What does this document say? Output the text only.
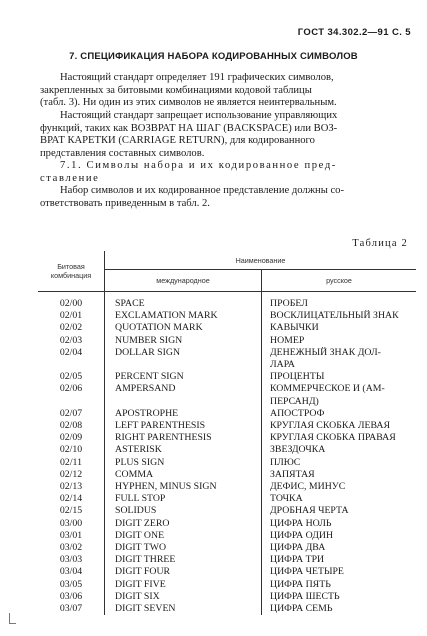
ГОСТ 34.302.2—91 С. 5
7. СПЕЦИФИКАЦИЯ НАБОРА КОДИРОВАННЫХ СИМВОЛОВ
Настоящий стандарт определяет 191 графических символов,
закрепленных за битовыми комбинациями кодовой таблицы
(табл. 3). Ни один из этих символов не является неинтервальным.
Настоящий стандарт запрещает использование управляющих
функций, таких как ВОЗВРАТ НА ШАГ (BACKSPACE) или ВОЗ-
ВРАТ КАРЕТКИ (CARRIAGE RETURN), для кодированного
представления составных символов.
7.1. Символы набора и их кодированное пред-
ставление
Набор символов и их кодированное представление должны со-
ответствовать приведенным в табл. 2.
Таблица 2
Битовая комбинация	Наименование	
	международное	русское
02/00	SPACE	ПРОБЕЛ
02/01	EXCLAMATION MARK	ВОСКЛИЦАТЕЛЬНЫЙ ЗНАК
02/02	QUOTATION MARK	КАВЫЧКИ
02/03	NUMBER SIGN	НОМЕР
02/04	DOLLAR SIGN	ДЕНЕЖНЫЙ ЗНАК ДОЛ-
		ЛАРА
02/05	PERCENT SIGN	ПРОЦЕНТЫ
02/06	AMPERSAND	КОММЕРЧЕСКОЕ И (АМ-
		ПЕРСАНД)
02/07	APOSTROPHE	АПОСТРОФ
02/08	LEFT PARENTHESIS	КРУГЛАЯ СКОБКА ЛЕВАЯ
02/09	RIGHT PARENTHESIS	КРУГЛАЯ СКОБКА ПРАВАЯ
02/10	ASTERISK	ЗВЕЗДОЧКА
02/11	PLUS SIGN	ПЛЮС
02/12	COMMA	ЗАПЯТАЯ
02/13	HYPHEN, MINUS SIGN	ДЕФИС, МИНУС
02/14	FULL STOP	ТОЧКА
02/15	SOLIDUS	ДРОБНАЯ ЧЕРТА
03/00	DIGIT ZERO	ЦИФРА НОЛЬ
03/01	DIGIT ONE	ЦИФРА ОДИН
03/02	DIGIT TWO	ЦИФРА ДВА
03/03	DIGIT THREE	ЦИФРА ТРИ
03/04	DIGIT FOUR	ЦИФРА ЧЕТЫРЕ
03/05	DIGIT FIVE	ЦИФРА ПЯТЬ
03/06	DIGIT SIX	ЦИФРА ШЕСТЬ
03/07	DIGIT SEVEN	ЦИФРА СЕМЬ
